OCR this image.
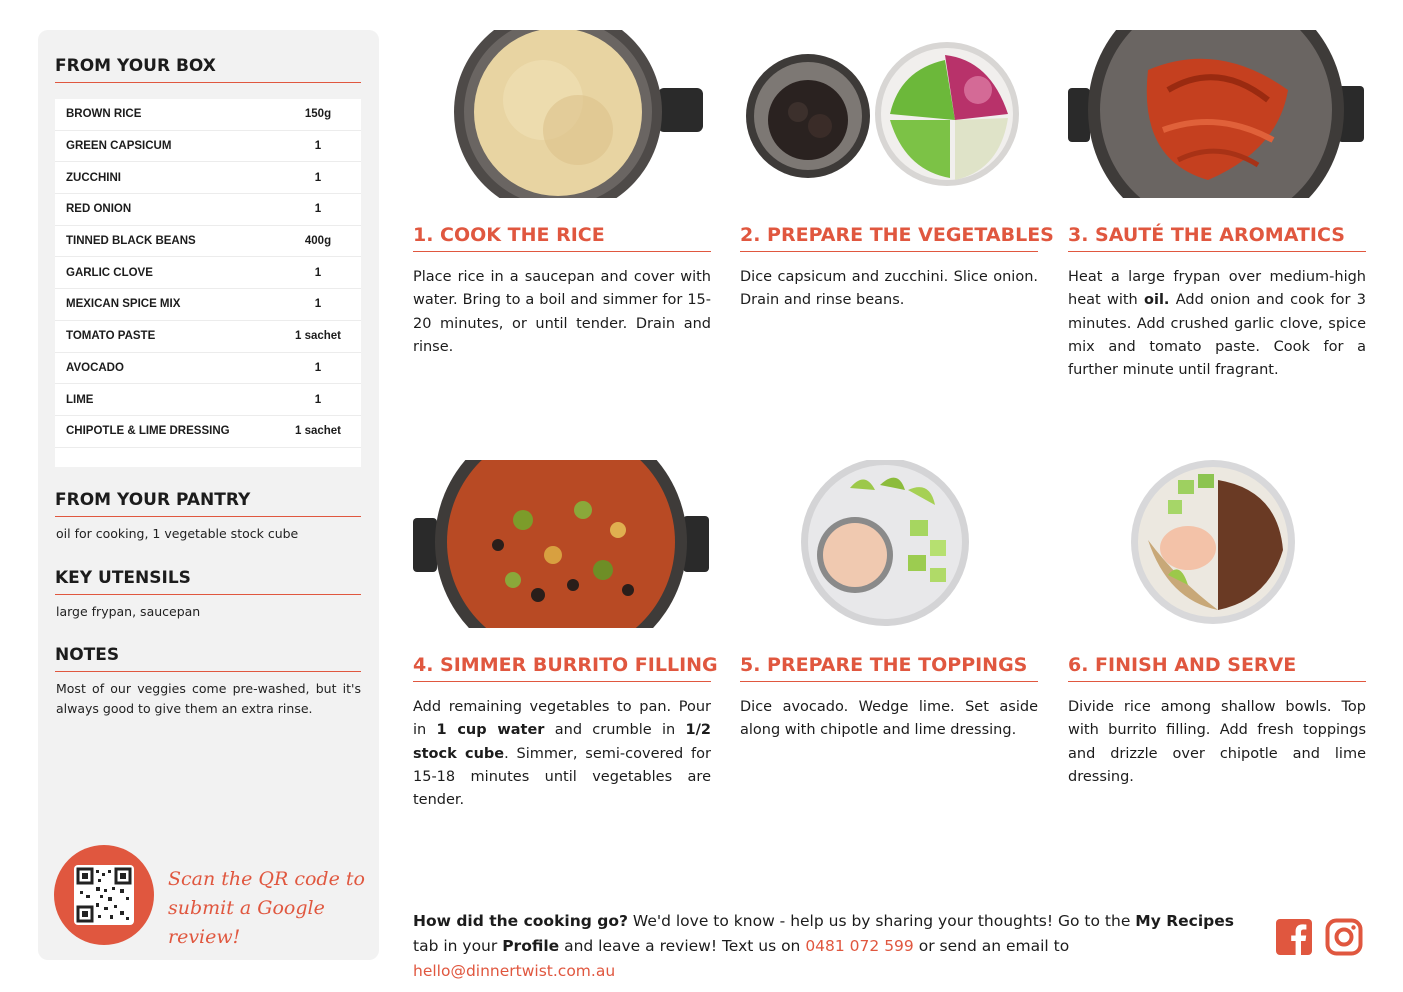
FROM YOUR BOX
BROWN RICE	150g
GREEN CAPSICUM	1
ZUCCHINI	1
RED ONION	1
TINNED BLACK BEANS	400g
GARLIC CLOVE	1
MEXICAN SPICE MIX	1
TOMATO PASTE	1 sachet
AVOCADO	1
LIME	1
CHIPOTLE & LIME DRESSING	1 sachet
FROM YOUR PANTRY
oil for cooking, 1 vegetable stock cube
KEY UTENSILS
large frypan, saucepan
NOTES
Most of our veggies come pre-washed, but it's always good to give them an extra rinse.
Scan the QR code to
submit a Google review!
1. COOK THE RICE
Place rice in a saucepan and cover with water. Bring to a boil and simmer for 15-20 minutes, or until tender. Drain and rinse.
2. PREPARE THE VEGETABLES
Dice capsicum and zucchini. Slice onion. Drain and rinse beans.
3. SAUTÉ THE AROMATICS
Heat a large frypan over medium-high heat with oil. Add onion and cook for 3 minutes. Add crushed garlic clove, spice mix and tomato paste. Cook for a further minute until fragrant.
4. SIMMER BURRITO FILLING
Add remaining vegetables to pan. Pour in 1 cup water and crumble in 1/2 stock cube. Simmer, semi-covered for 15-18 minutes until vegetables are tender.
5. PREPARE THE TOPPINGS
Dice avocado. Wedge lime. Set aside along with chipotle and lime dressing.
6. FINISH AND SERVE
Divide rice among shallow bowls. Top with burrito filling. Add fresh toppings and drizzle over chipotle and lime dressing.
How did the cooking go? We'd love to know - help us by sharing your thoughts! Go to the My Recipes tab in your Profile and leave a review! Text us on 0481 072 599 or send an email to hello@dinnertwist.com.au
